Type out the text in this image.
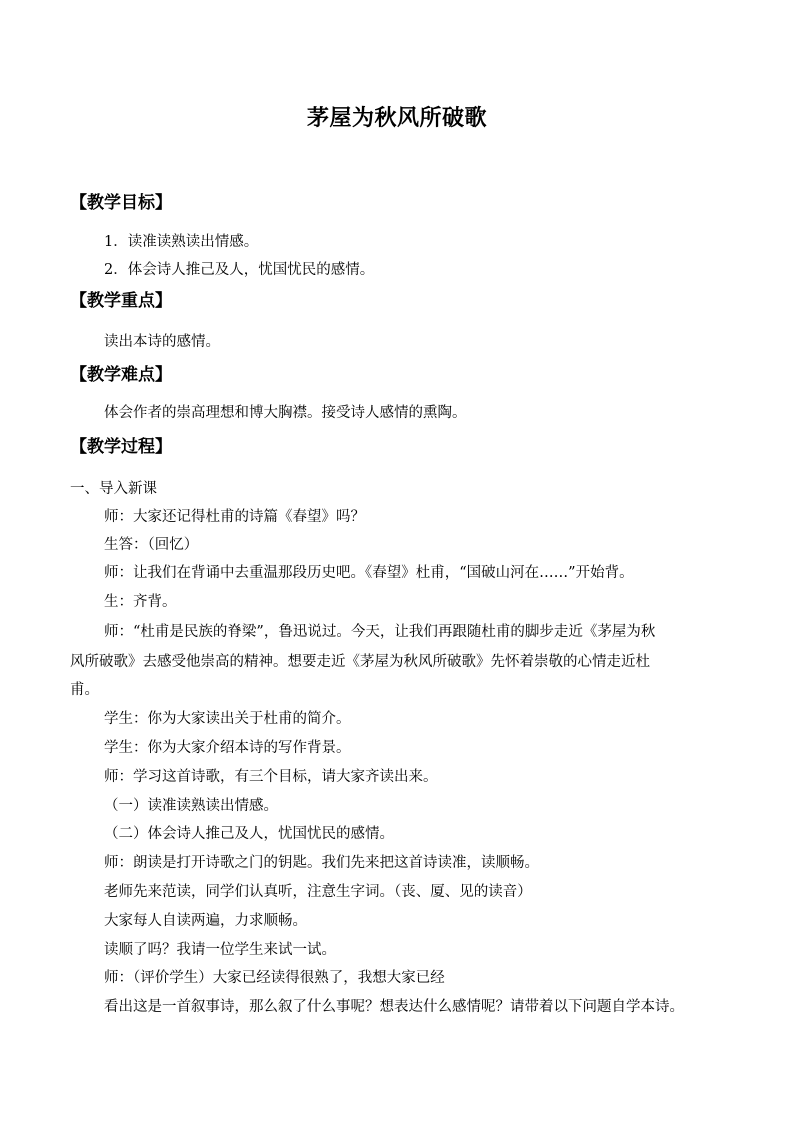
茅屋为秋风所破歌
【教学目标】
1．读准读熟读出情感。
2．体会诗人推己及人，忧国忧民的感情。
【教学重点】
读出本诗的感情。
【教学难点】
体会作者的崇高理想和博大胸襟。接受诗人感情的熏陶。
【教学过程】
一、导入新课
师：大家还记得杜甫的诗篇《春望》吗？
生答：（回忆）
师：让我们在背诵中去重温那段历史吧。《春望》杜甫，“国破山河在……”开始背。
生：齐背。
师：“杜甫是民族的脊梁”，鲁迅说过。今天，让我们再跟随杜甫的脚步走近《茅屋为秋
风所破歌》去感受他崇高的精神。想要走近《茅屋为秋风所破歌》先怀着崇敬的心情走近杜
甫。
学生：你为大家读出关于杜甫的简介。
学生：你为大家介绍本诗的写作背景。
师：学习这首诗歌，有三个目标，请大家齐读出来。
（一）读准读熟读出情感。
（二）体会诗人推己及人，忧国忧民的感情。
师：朗读是打开诗歌之门的钥匙。我们先来把这首诗读准，读顺畅。
老师先来范读，同学们认真听，注意生字词。（丧、厦、见的读音）
大家每人自读两遍，力求顺畅。
读顺了吗？我请一位学生来试一试。
师：（评价学生）大家已经读得很熟了，我想大家已经
看出这是一首叙事诗，那么叙了什么事呢？想表达什么感情呢？请带着以下问题自学本诗。
